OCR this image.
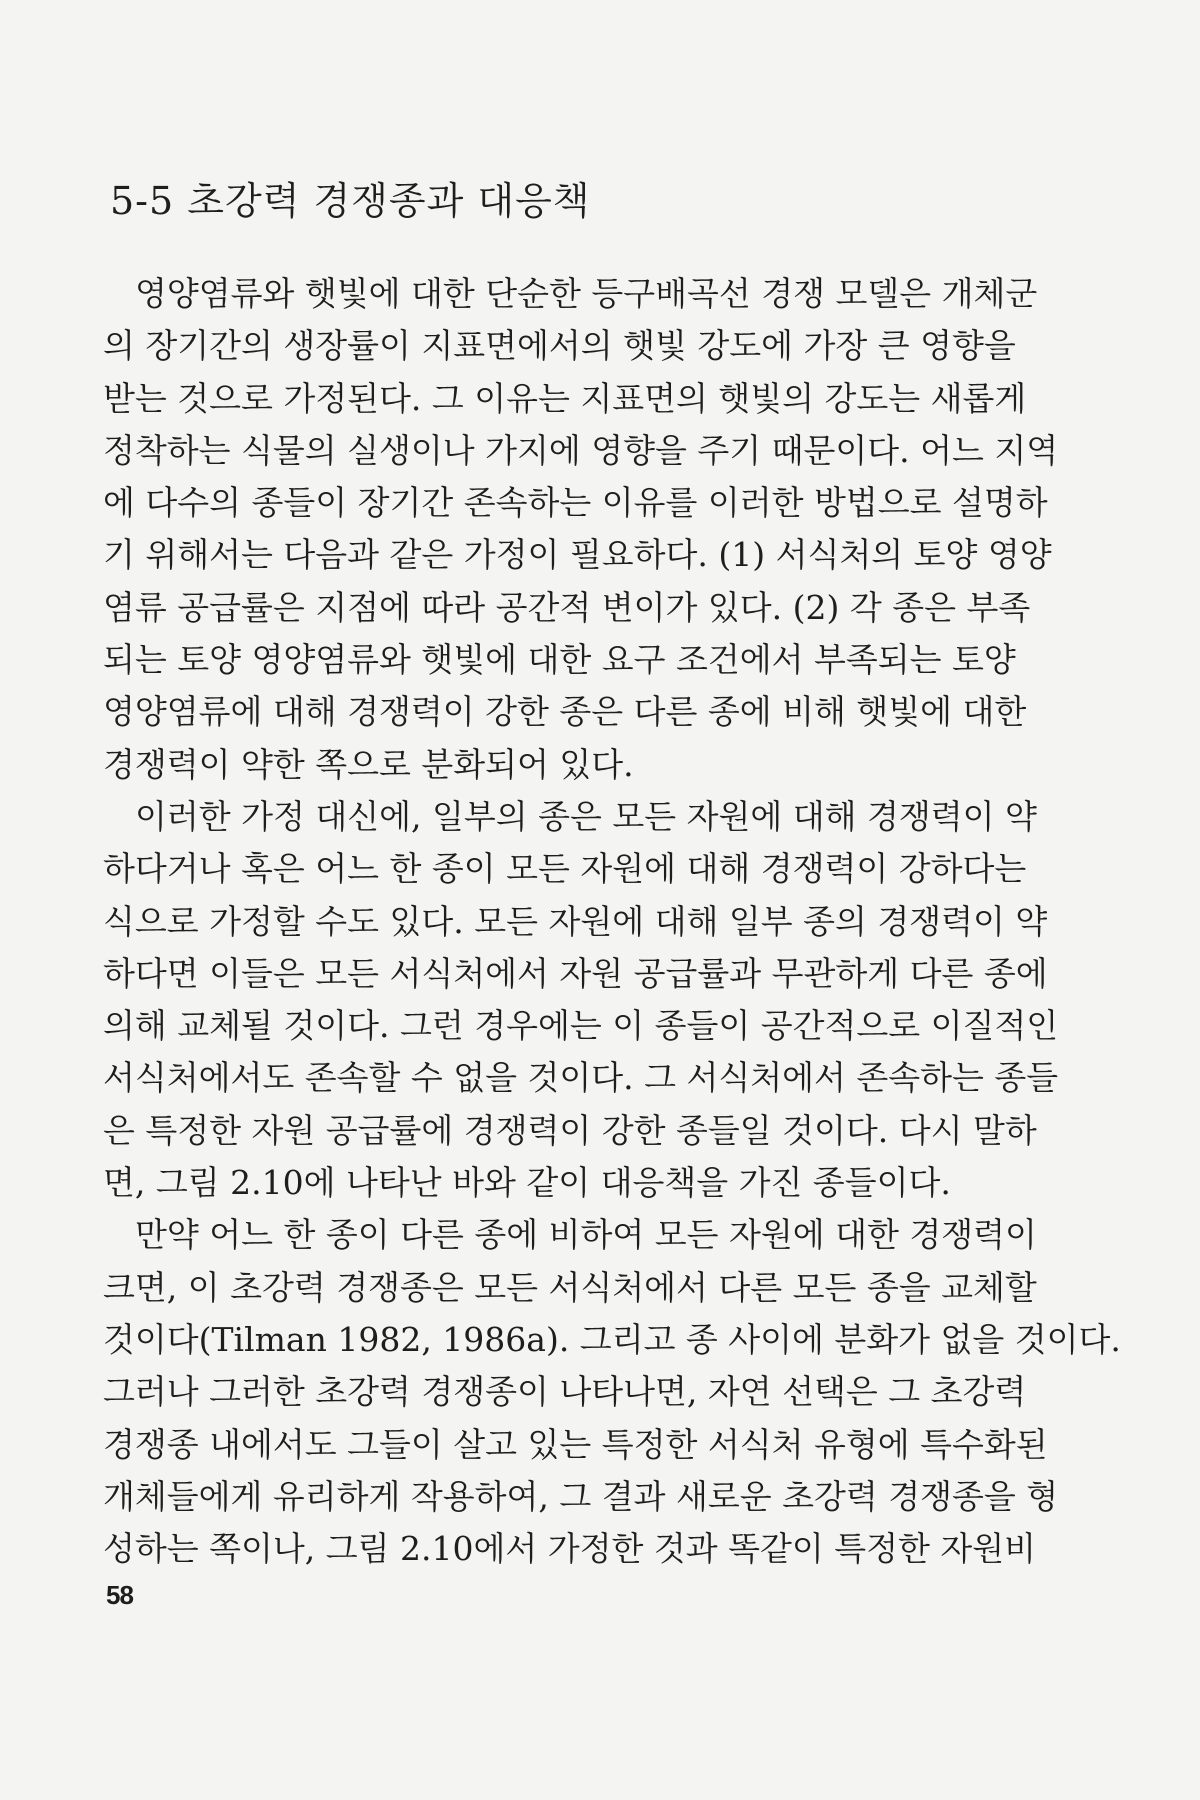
5-5 초강력 경쟁종과 대응책
영양염류와 햇빛에 대한 단순한 등구배곡선 경쟁 모델은 개체군
의 장기간의 생장률이 지표면에서의 햇빛 강도에 가장 큰 영향을
받는 것으로 가정된다. 그 이유는 지표면의 햇빛의 강도는 새롭게
정착하는 식물의 실생이나 가지에 영향을 주기 때문이다. 어느 지역
에 다수의 종들이 장기간 존속하는 이유를 이러한 방법으로 설명하
기 위해서는 다음과 같은 가정이 필요하다. (1) 서식처의 토양 영양
염류 공급률은 지점에 따라 공간적 변이가 있다. (2) 각 종은 부족
되는 토양 영양염류와 햇빛에 대한 요구 조건에서 부족되는 토양
영양염류에 대해 경쟁력이 강한 종은 다른 종에 비해 햇빛에 대한
경쟁력이 약한 쪽으로 분화되어 있다.
이러한 가정 대신에, 일부의 종은 모든 자원에 대해 경쟁력이 약
하다거나 혹은 어느 한 종이 모든 자원에 대해 경쟁력이 강하다는
식으로 가정할 수도 있다. 모든 자원에 대해 일부 종의 경쟁력이 약
하다면 이들은 모든 서식처에서 자원 공급률과 무관하게 다른 종에
의해 교체될 것이다. 그런 경우에는 이 종들이 공간적으로 이질적인
서식처에서도 존속할 수 없을 것이다. 그 서식처에서 존속하는 종들
은 특정한 자원 공급률에 경쟁력이 강한 종들일 것이다. 다시 말하
면, 그림 2.10에 나타난 바와 같이 대응책을 가진 종들이다.
만약 어느 한 종이 다른 종에 비하여 모든 자원에 대한 경쟁력이
크면, 이 초강력 경쟁종은 모든 서식처에서 다른 모든 종을 교체할
것이다(Tilman 1982, 1986a). 그리고 종 사이에 분화가 없을 것이다.
그러나 그러한 초강력 경쟁종이 나타나면, 자연 선택은 그 초강력
경쟁종 내에서도 그들이 살고 있는 특정한 서식처 유형에 특수화된
개체들에게 유리하게 작용하여, 그 결과 새로운 초강력 경쟁종을 형
성하는 쪽이나, 그림 2.10에서 가정한 것과 똑같이 특정한 자원비
58
